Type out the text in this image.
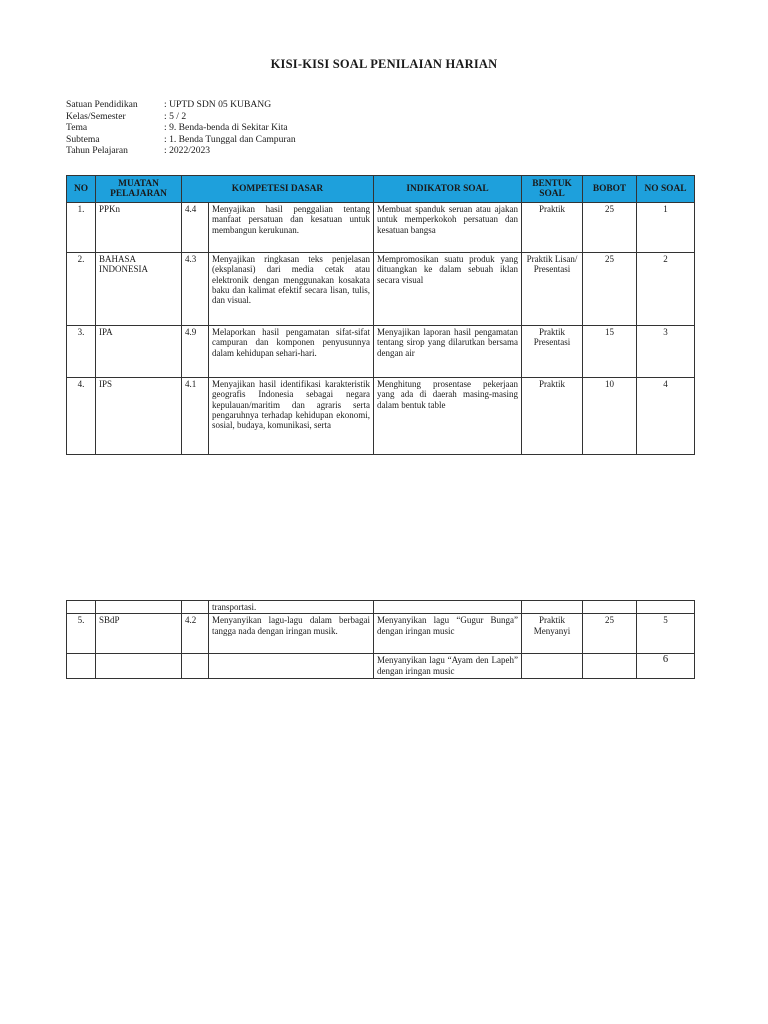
KISI-KISI SOAL PENILAIAN HARIAN
Satuan Pendidikan	: UPTD SDN 05 KUBANG
Kelas/Semester	: 5 / 2
Tema	: 9. Benda-benda di Sekitar Kita
Subtema	: 1. Benda Tunggal dan Campuran
Tahun Pelajaran	: 2022/2023
NO	MUATAN PELAJARAN	KOMPETESI DASAR		INDIKATOR SOAL	BENTUK SOAL	BOBOT	NO SOAL
1.	PPKn	4.4	Menyajikan hasil penggalian tentang manfaat persatuan dan kesatuan untuk membangun kerukunan.	Membuat spanduk seruan atau ajakan untuk memperkokoh persatuan dan kesatuan bangsa	Praktik	25	1
2.	BAHASA INDONESIA	4.3	Menyajikan ringkasan teks penjelasan (eksplanasi) dari media cetak atau elektronik dengan menggunakan kosakata baku dan kalimat efektif secara lisan, tulis, dan visual.	Mempromosikan suatu produk yang dituangkan ke dalam sebuah iklan secara visual	Praktik Lisan/ Presentasi	25	2
3.	IPA	4.9	Melaporkan hasil pengamatan sifat-sifat campuran dan komponen penyusunnya dalam kehidupan sehari-hari.	Menyajikan laporan hasil pengamatan tentang sirop yang dilarutkan bersama dengan air	Praktik Presentasi	15	3
4.	IPS	4.1	Menyajikan hasil identifikasi karakteristik geografis Indonesia sebagai negara kepulauan/maritim dan agraris serta pengaruhnya terhadap kehidupan ekonomi, sosial, budaya, komunikasi, serta	Menghitung prosentase pekerjaan yang ada di daerah masing-masing dalam bentuk table	Praktik	10	4
			transportasi.				
5.	SBdP	4.2	Menyanyikan lagu-lagu dalam berbagai tangga nada dengan iringan musik.	Menyanyikan lagu “Gugur Bunga” dengan iringan music	Praktik Menyanyi	25	5
				Menyanyikan lagu “Ayam den Lapeh” dengan iringan music			6
